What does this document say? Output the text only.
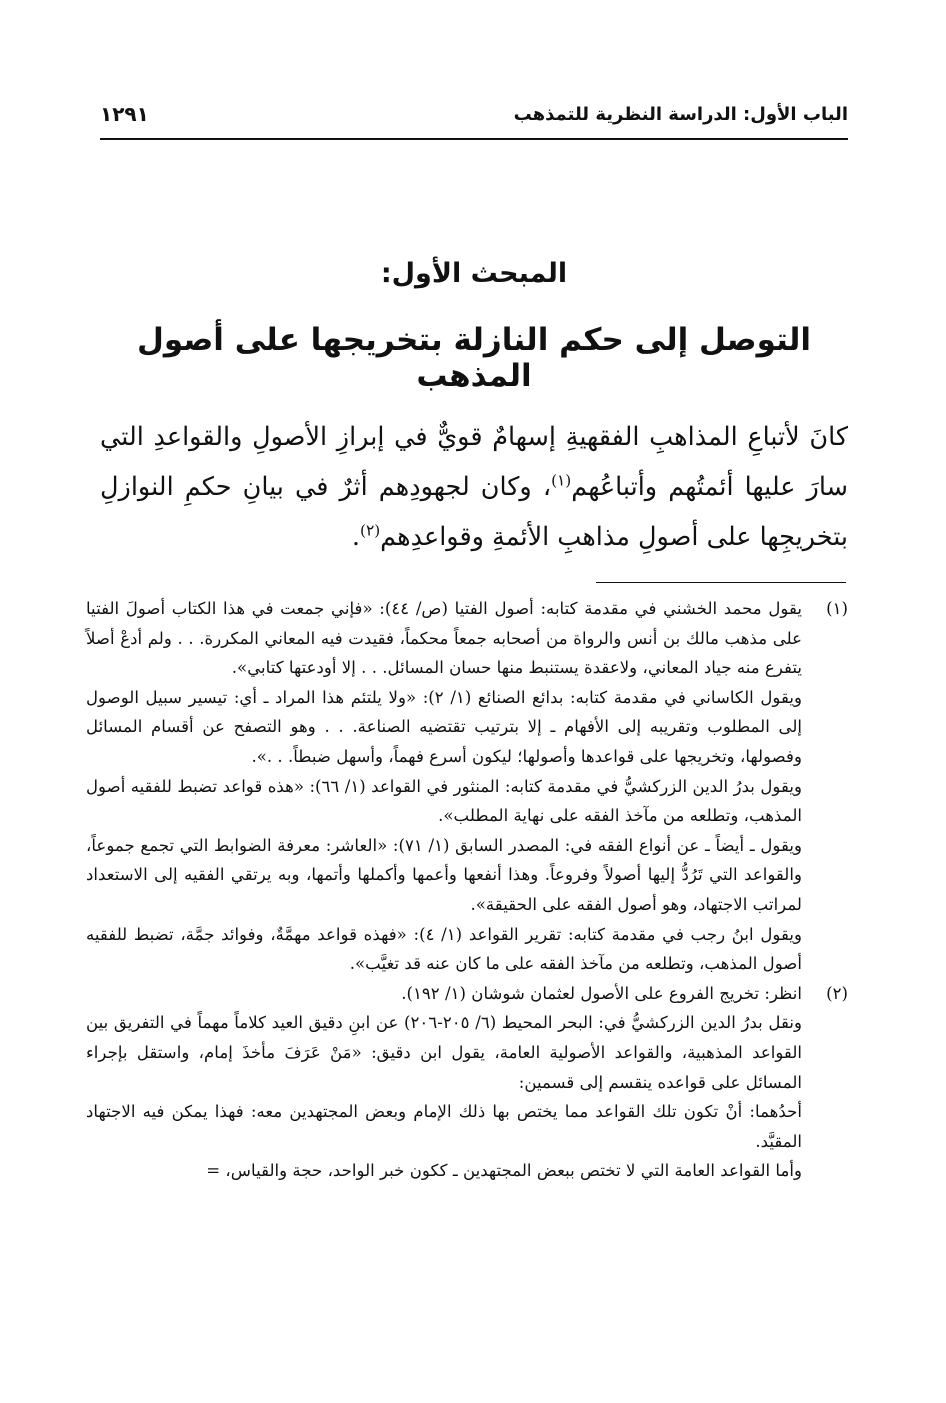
الباب الأول: الدراسة النظرية للتمذهب
١٢٩١
المبحث الأول:
التوصل إلى حكم النازلة بتخريجها على أصول المذهب

كانَ لأتباعِ المذاهبِ الفقهيةِ إسهامٌ قويٌّ في إبرازِ الأصولِ والقواعدِ التي سارَ عليها أئمتُهم وأتباعُهم$^{(١)}$، وكان لجهودِهم أثرٌ في بيانِ حكمِ النوازلِ بتخريجِها على أصولِ مذاهبِ الأئمةِ وقواعدِهم$^{(٢)}$.

(١)

يقول محمد الخشني في مقدمة كتابه: أصول الفتيا (ص/ ٤٤): «فإني جمعت في هذا الكتاب أصولَ الفتيا على مذهب مالك بن أنس والرواة من أصحابه جمعاً محكماً، فقيدت فيه المعاني المكررة. . . ولم أدعْ أصلاً يتفرع منه جياد المعاني، ولاعقدة يستنبط منها حسان المسائل. . . إلا أودعتها كتابي».

ويقول الكاساني في مقدمة كتابه: بدائع الصنائع (١/ ٢): «ولا يلتئم هذا المراد ـ أي: تيسير سبيل الوصول إلى المطلوب وتقريبه إلى الأفهام ـ إلا بترتيب تقتضيه الصناعة. . . وهو التصفح عن أقسام المسائل وفصولها، وتخريجها على قواعدها وأصولها؛ ليكون أسرع فهماً، وأسهل ضبطاً. . .».

ويقول بدرُ الدين الزركشيُّ في مقدمة كتابه: المنثور في القواعد (١/ ٦٦): «هذه قواعد تضبط للفقيه أصول المذهب، وتطلعه من مآخذ الفقه على نهاية المطلب».

ويقول ـ أيضاً ـ عن أنواع الفقه في: المصدر السابق (١/ ٧١): «العاشر: معرفة الضوابط التي تجمع جموعاً، والقواعد التي تَرُدُّ إليها أصولاً وفروعاً. وهذا أنفعها وأعمها وأكملها وأتمها، وبه يرتقي الفقيه إلى الاستعداد لمراتب الاجتهاد، وهو أصول الفقه على الحقيقة».

ويقول ابنُ رجب في مقدمة كتابه: تقرير القواعد (١/ ٤): «فهذه قواعد مهمَّةٌ، وفوائد جمَّة، تضبط للفقيه أصول المذهب، وتطلعه من مآخذ الفقه على ما كان عنه قد تغيَّب».

(٢)

انظر: تخريج الفروع على الأصول لعثمان شوشان (١/ ١٩٢).

ونقل بدرُ الدين الزركشيُّ في: البحر المحيط (٦/ ٢٠٥-٢٠٦) عن ابنِ دقيق العيد كلاماً مهماً في التفريق بين القواعد المذهبية، والقواعد الأصولية العامة، يقول ابن دقيق: «مَنْ عَرَفَ مأخذَ إمام، واستقل بإجراء المسائل على قواعده ينقسم إلى قسمين:

أحدُهما: أنْ تكون تلك القواعد مما يختص بها ذلك الإمام وبعض المجتهدين معه: فهذا يمكن فيه الاجتهاد المقيَّد.

وأما القواعد العامة التي لا تختص ببعض المجتهدين ـ ككون خبر الواحد، حجة والقياس، =
